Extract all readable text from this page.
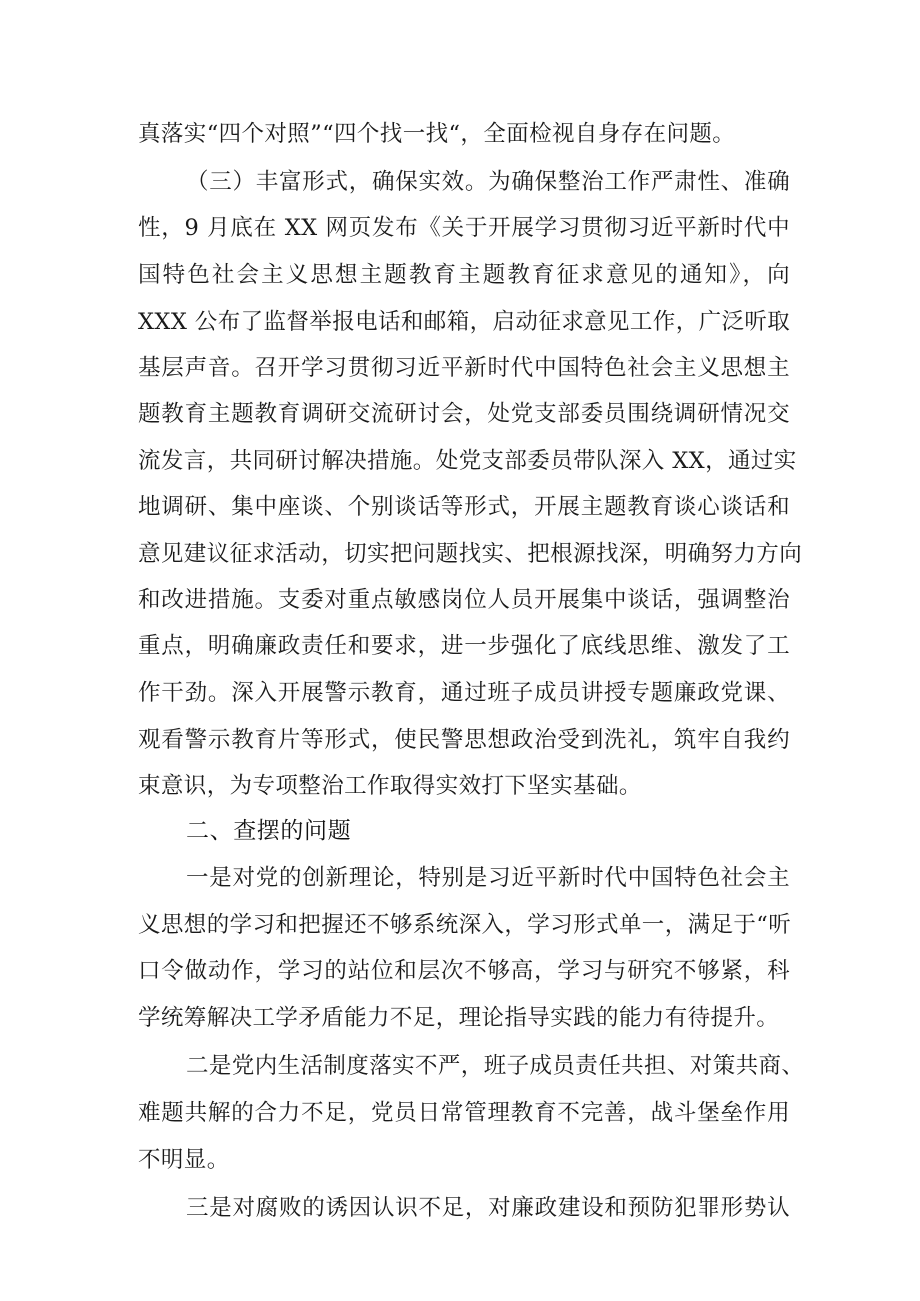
真落实“四个对照”“四个找一找“，全面检视自身存在问题。
（三）丰富形式，确保实效。为确保整治工作严肃性、准确
性，9 月底在 XX 网页发布《关于开展学习贯彻习近平新时代中
国特色社会主义思想主题教育主题教育征求意见的通知》，向
XXX 公布了监督举报电话和邮箱，启动征求意见工作，广泛听取
基层声音。召开学习贯彻习近平新时代中国特色社会主义思想主
题教育主题教育调研交流研讨会，处党支部委员围绕调研情况交
流发言，共同研讨解决措施。处党支部委员带队深入 XX，通过实
地调研、集中座谈、个别谈话等形式，开展主题教育谈心谈话和
意见建议征求活动，切实把问题找实、把根源找深，明确努力方向
和改进措施。支委对重点敏感岗位人员开展集中谈话，强调整治
重点，明确廉政责任和要求，进一步强化了底线思维、激发了工
作干劲。深入开展警示教育，通过班子成员讲授专题廉政党课、
观看警示教育片等形式，使民警思想政治受到洗礼，筑牢自我约
束意识，为专项整治工作取得实效打下坚实基础。
二、查摆的问题
一是对党的创新理论，特别是习近平新时代中国特色社会主
义思想的学习和把握还不够系统深入，学习形式单一，满足于“听
口令做动作，学习的站位和层次不够高，学习与研究不够紧，科
学统筹解决工学矛盾能力不足，理论指导实践的能力有待提升。
二是党内生活制度落实不严，班子成员责任共担、对策共商、
难题共解的合力不足，党员日常管理教育不完善，战斗堡垒作用
不明显。
三是对腐败的诱因认识不足，对廉政建设和预防犯罪形势认
